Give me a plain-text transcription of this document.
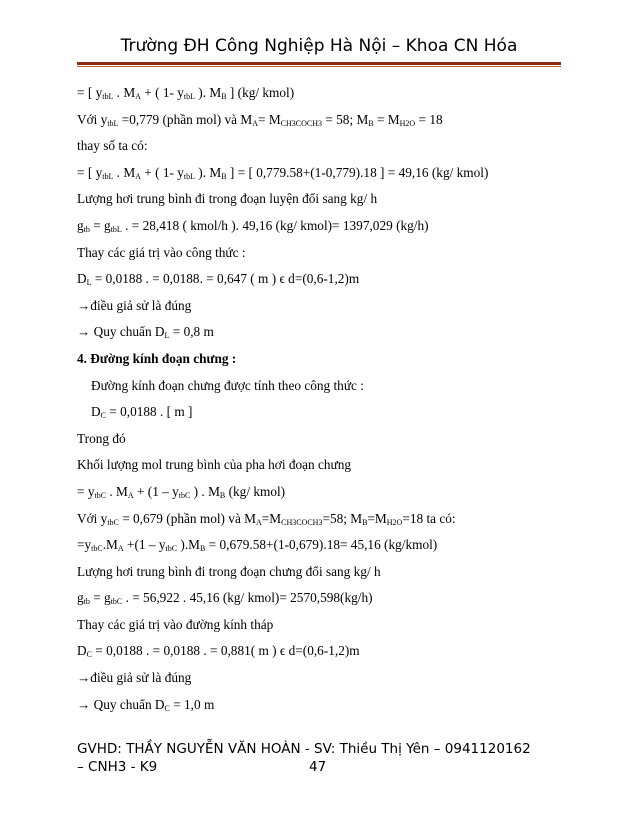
Trường ĐH Công Nghiệp Hà Nội – Khoa CN Hóa
= [ $y_{tbL}$ . $M_A$ + ( 1- $y_{tbL}$ ). $M_B$ ] (kg/ kmol)
Với $y_{tbL} =0,779$ (phần mol) và $M_A= M_{CH3COCH3} = 58$; $M_B = M_{H2O} = 18$
thay số ta có:
= [ $y_{tbL}$ . $M_A$ + ( 1- $y_{tbL}$ ). $M_B$ ] = [ 0,779.58+(1-0,779).18 ] = 49,16 (kg/ kmol)
Lượng hơi trung bình đi trong đoạn luyện đổi sang kg/ h
$g_{tb} = g_{tbL}$ . = 28,418 ( kmol/h ). 49,16 (kg/ kmol)= 1397,029 (kg/h)
Thay các giá trị vào công thức :
$D_L = 0,0188$ . = 0,0188. = 0,647 ( m ) ϵ d=(0,6-1,2)m
→điều giả sử là đúng
→ Quy chuẩn $D_L = 0,8$ m
4. Đường kính đoạn chưng :
Đường kính đoạn chưng được tính theo công thức :
$D_C = 0,0188$ . [ m ]
Trong đó
Khối lượng mol trung bình của pha hơi đoạn chưng
= $y_{tbC}$ . $M_A + (1 - y_{tbC}$ ) . $M_B$ (kg/ kmol)
Với $y_{tbC} = 0,679$ (phần mol) và $M_A=M_{CH3COCH3}=58$; $M_B=M_{H2O}=18$ ta có:
$=y_{tbC}.M_A +(1 - y_{tbC}$ )$.M_B = 0,679.58+(1-0,679).18= 45,16$ (kg/kmol)
Lượng hơi trung bình đi trong đoạn chưng đổi sang kg/ h
$g_{tb} = g_{tbC}$ . = 56,922 . 45,16 (kg/ kmol)= 2570,598(kg/h)
Thay các giá trị vào đường kính tháp
$D_C = 0,0188$ . = 0,0188 . = 0,881( m ) ϵ d=(0,6-1,2)m
→điều giả sử là đúng
→ Quy chuẩn $D_C = 1,0$ m
GVHD: THẦY NGUYỄN VĂN HOÀN - SV: Thiều Thị Yên – 0941120162
– CNH3 - K9	47
